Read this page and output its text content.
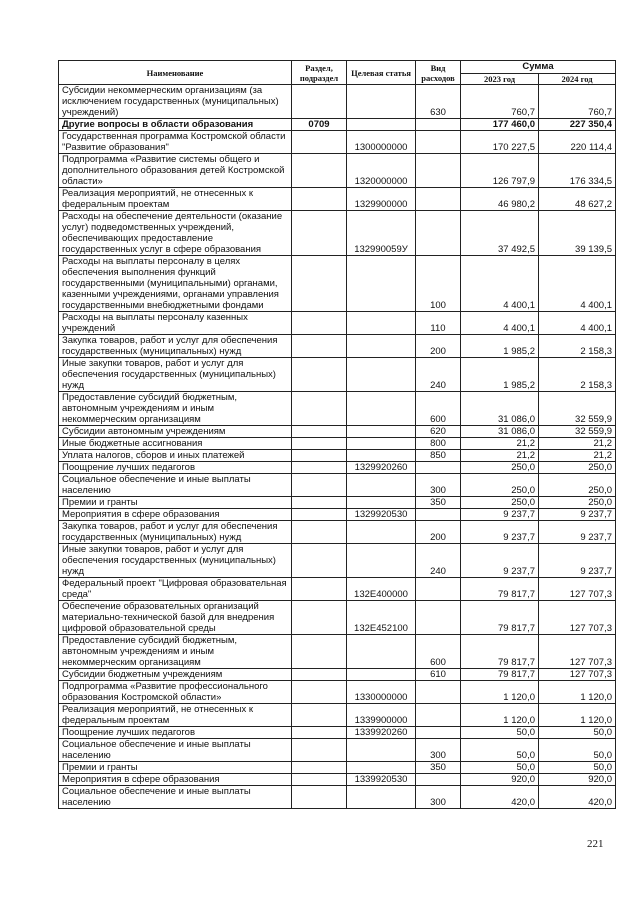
Наименование	Раздел, подраздел	Целевая статья	Вид расходов	Сумма	
				2023 год	2024 год
Субсидии некоммерческим организациям (за исключением государственных (муниципальных) учреждений)			630	760,7	760,7
Другие вопросы в области образования	0709			177 460,0	227 350,4
Государственная программа Костромской области "Развитие образования"		1300000000		170 227,5	220 114,4
Подпрограмма «Развитие системы общего и дополнительного образования детей Костромской области»		1320000000		126 797,9	176 334,5
Реализация мероприятий, не отнесенных к федеральным проектам		1329900000		46 980,2	48 627,2
Расходы на обеспечение деятельности (оказание услуг) подведомственных учреждений, обеспечивающих предоставление государственных услуг в сфере образования		132990059У		37 492,5	39 139,5
Расходы на выплаты персоналу в целях обеспечения выполнения функций государственными (муниципальными) органами, казенными учреждениями, органами управления государственными внебюджетными фондами			100	4 400,1	4 400,1
Расходы на выплаты персоналу казенных учреждений			110	4 400,1	4 400,1
Закупка товаров, работ и услуг для обеспечения государственных (муниципальных) нужд			200	1 985,2	2 158,3
Иные закупки товаров, работ и услуг для обеспечения государственных (муниципальных) нужд			240	1 985,2	2 158,3
Предоставление субсидий бюджетным, автономным учреждениям и иным некоммерческим организациям			600	31 086,0	32 559,9
Субсидии автономным учреждениям			620	31 086,0	32 559,9
Иные бюджетные ассигнования			800	21,2	21,2
Уплата налогов, сборов и иных платежей			850	21,2	21,2
Поощрение лучших педагогов		1329920260		250,0	250,0
Социальное обеспечение и иные выплаты населению			300	250,0	250,0
Премии и гранты			350	250,0	250,0
Мероприятия в сфере образования		1329920530		9 237,7	9 237,7
Закупка товаров, работ и услуг для обеспечения государственных (муниципальных) нужд			200	9 237,7	9 237,7
Иные закупки товаров, работ и услуг для обеспечения государственных (муниципальных) нужд			240	9 237,7	9 237,7
Федеральный проект "Цифровая образовательная среда"		132Е400000		79 817,7	127 707,3
Обеспечение образовательных организаций материально-технической базой для внедрения цифровой образовательной среды		132Е452100		79 817,7	127 707,3
Предоставление субсидий бюджетным, автономным учреждениям и иным некоммерческим организациям			600	79 817,7	127 707,3
Субсидии бюджетным учреждениям			610	79 817,7	127 707,3
Подпрограмма «Развитие профессионального образования Костромской области»		1330000000		1 120,0	1 120,0
Реализация мероприятий, не отнесенных к федеральным проектам		1339900000		1 120,0	1 120,0
Поощрение лучших педагогов		1339920260		50,0	50,0
Социальное обеспечение и иные выплаты населению			300	50,0	50,0
Премии и гранты			350	50,0	50,0
Мероприятия в сфере образования		1339920530		920,0	920,0
Социальное обеспечение и иные выплаты населению			300	420,0	420,0
221
